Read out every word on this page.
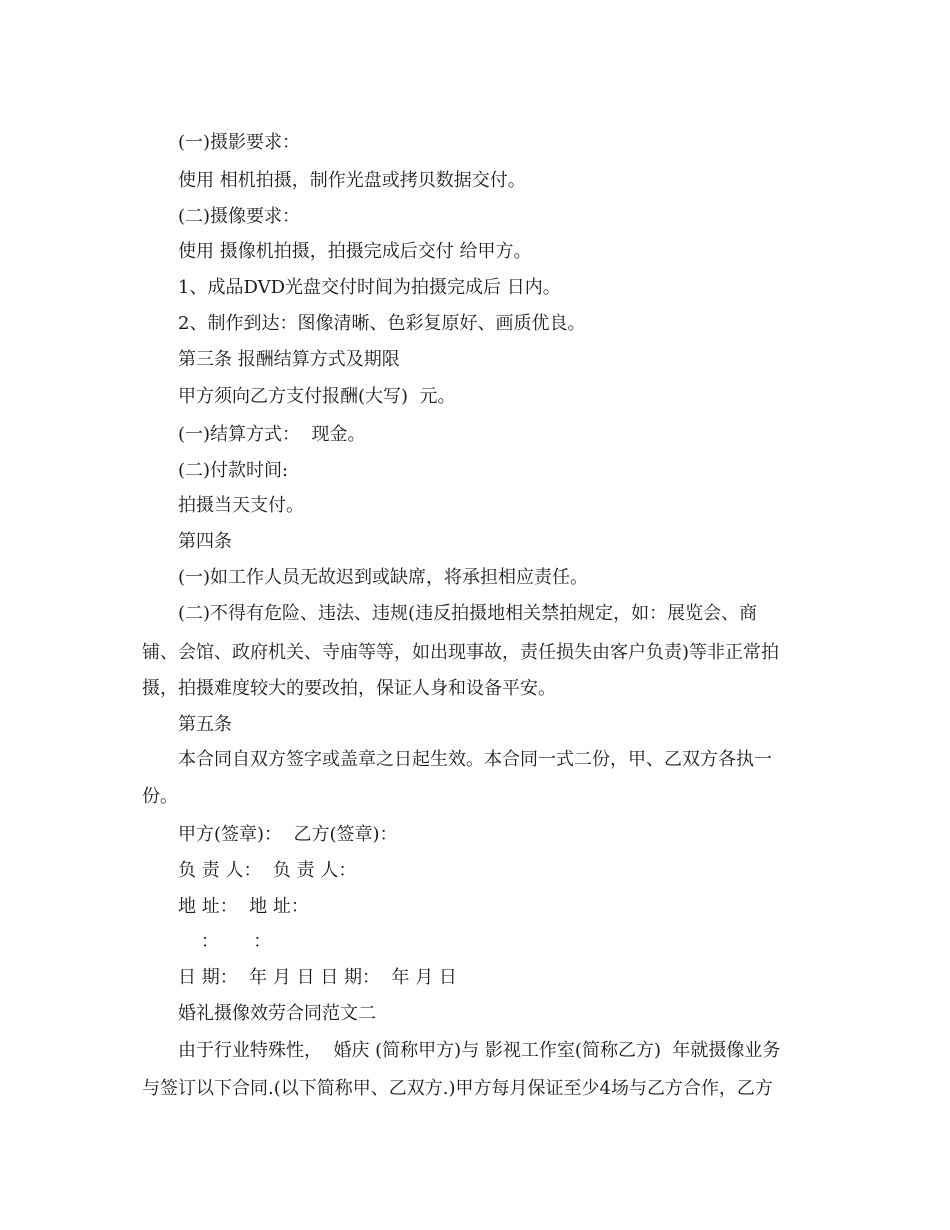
(一)摄影要求：
使用 相机拍摄，制作光盘或拷贝数据交付。
(二)摄像要求：
使用 摄像机拍摄，拍摄完成后交付 给甲方。
1、成品DVD光盘交付时间为拍摄完成后 日内。
2、制作到达：图像清晰、色彩复原好、画质优良。
第三条 报酬结算方式及期限
甲方须向乙方支付报酬(大写)  元。
(一)结算方式：  现金。
(二)付款时间:
拍摄当天支付。
第四条
(一)如工作人员无故迟到或缺席，将承担相应责任。
(二)不得有危险、违法、违规(违反拍摄地相关禁拍规定，如：展览会、商
铺、会馆、政府机关、寺庙等等，如出现事故，责任损失由客户负责)等非正常拍
摄，拍摄难度较大的要改拍，保证人身和设备平安。
第五条
本合同自双方签字或盖章之日起生效。本合同一式二份，甲、乙双方各执一
份。
甲方(签章)：  乙方(签章)：
负 责 人：  负 责 人：
地 址：  地 址：
：      ：
日 期：  年 月 日 日 期：  年 月 日
婚礼摄像效劳合同范文二
由于行业特殊性，  婚庆 (简称甲方)与 影视工作室(简称乙方)  年就摄像业务
与签订以下合同.(以下简称甲、乙双方.)甲方每月保证至少4场与乙方合作，乙方
